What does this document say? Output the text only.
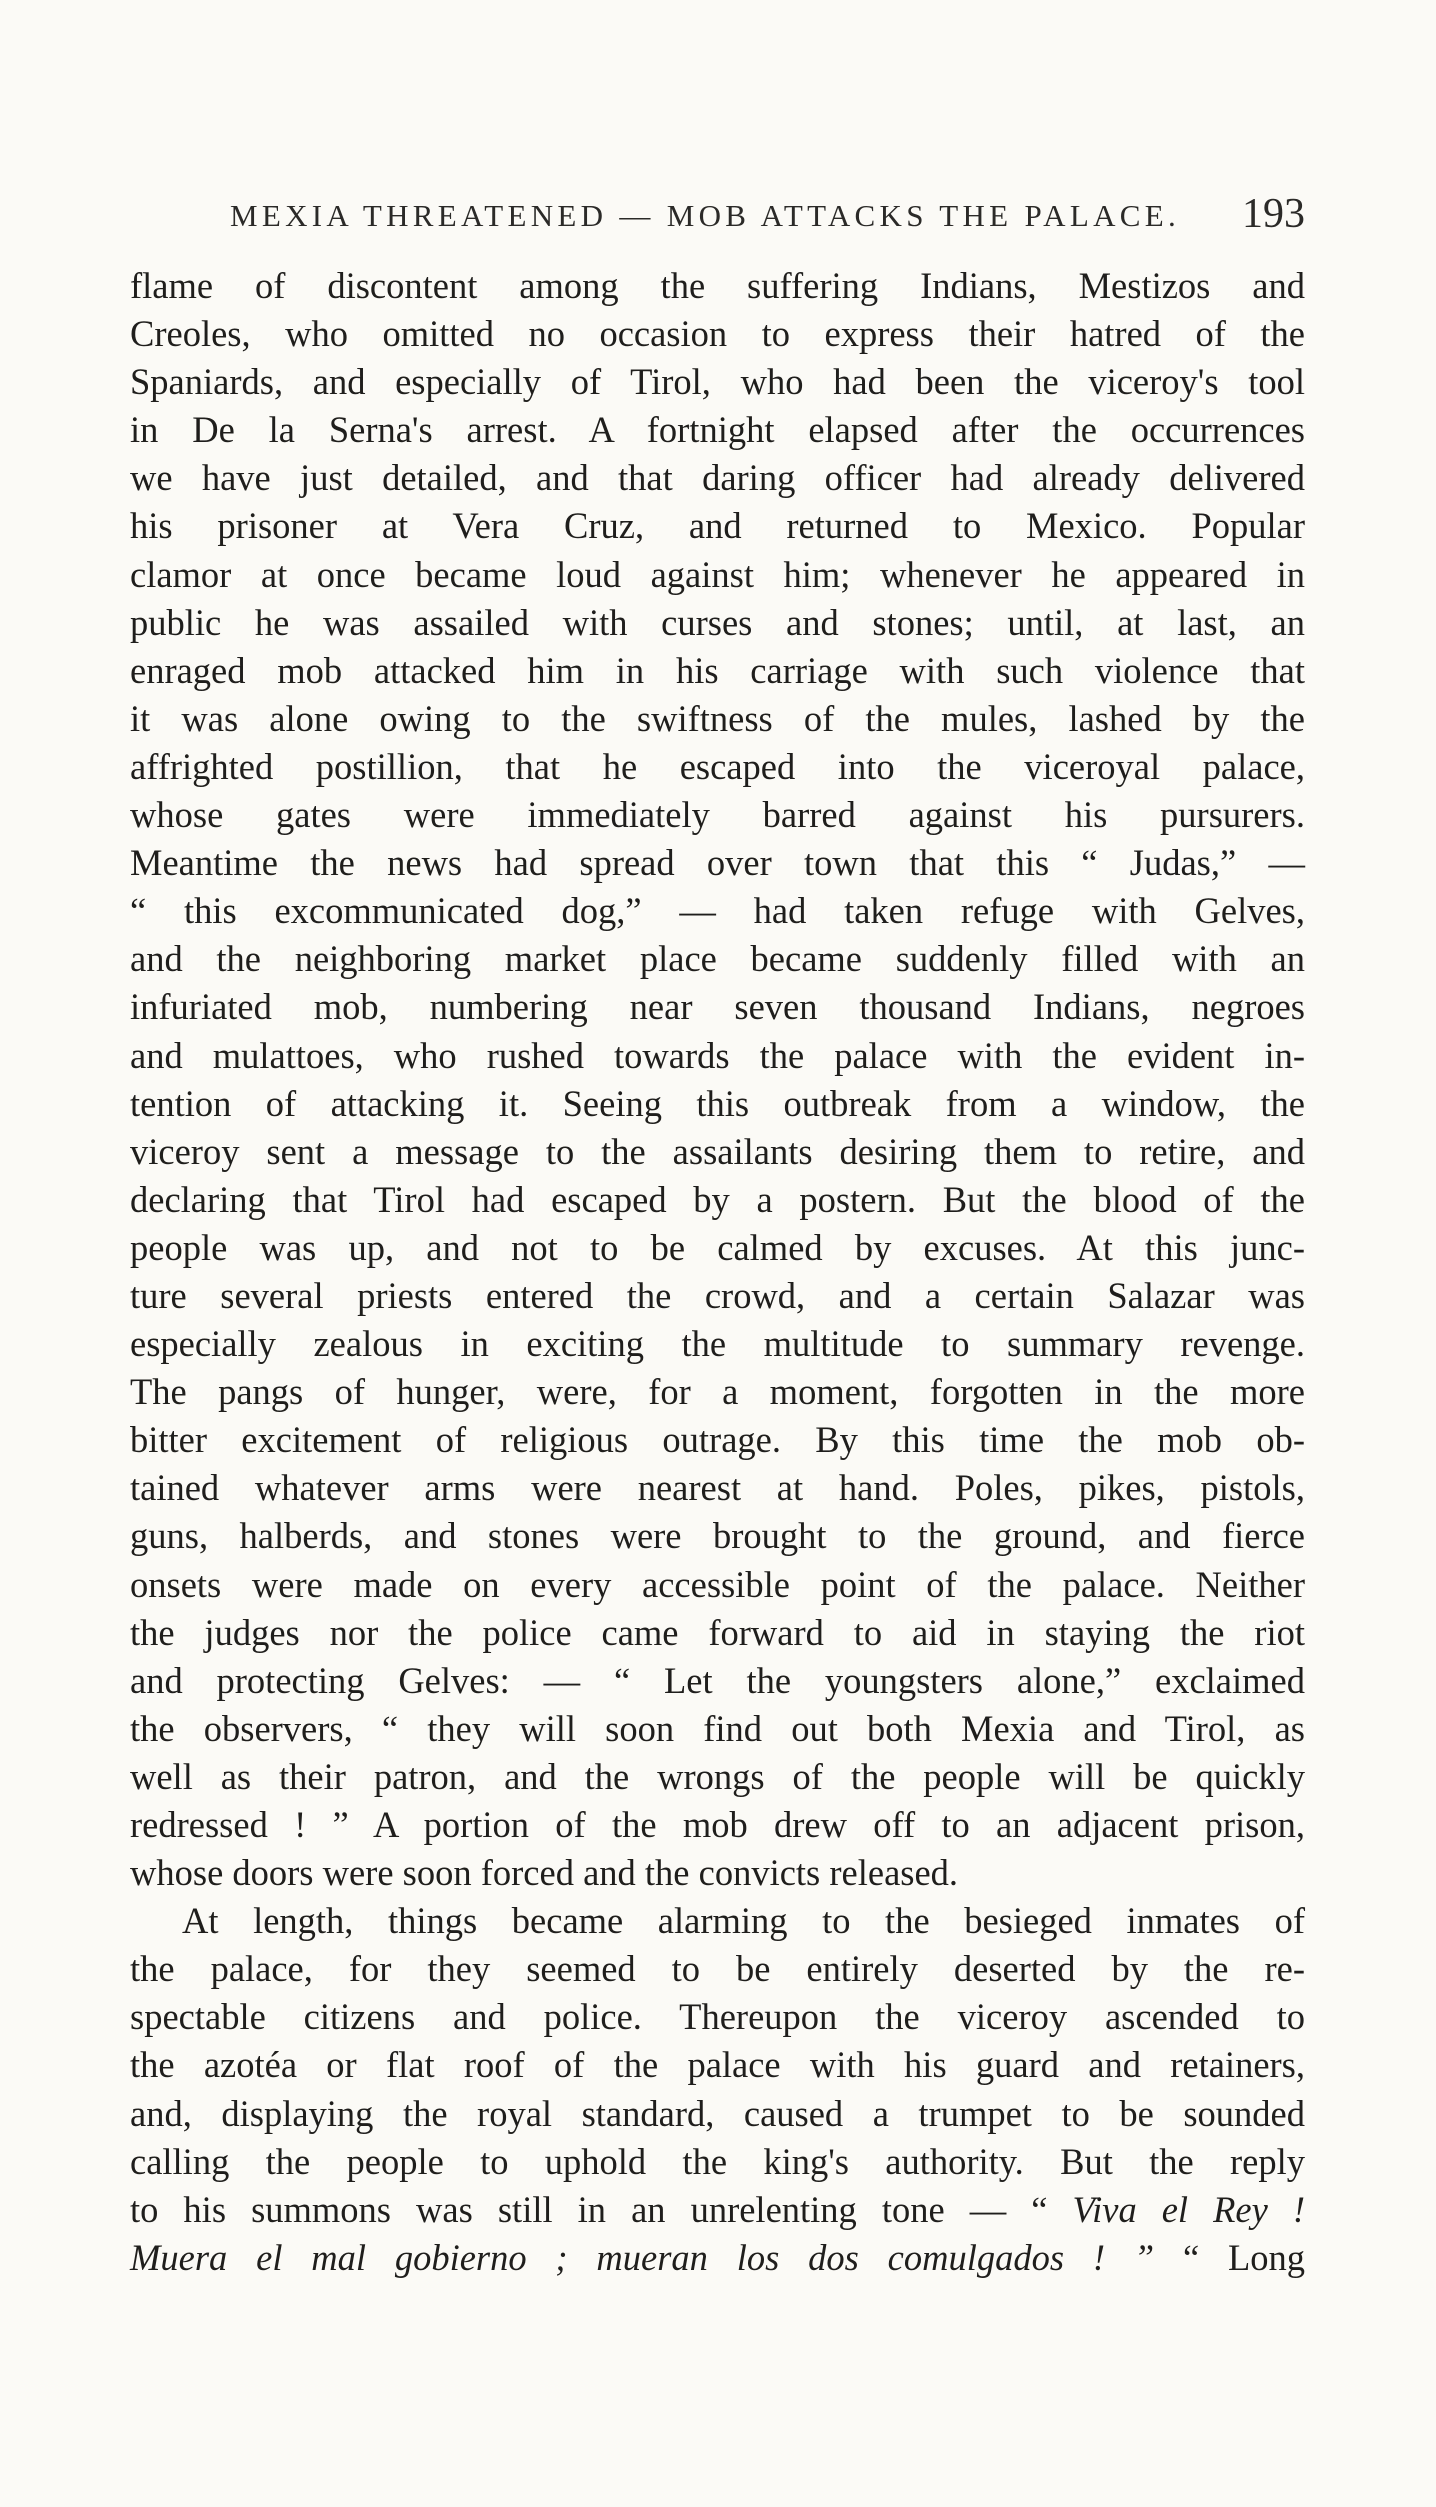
MEXIA THREATENED — MOB ATTACKS THE PALACE. 193
flame of discontent among the suffering Indians, Mestizos and
Creoles, who omitted no occasion to express their hatred of the
Spaniards, and especially of Tirol, who had been the viceroy's tool
in De la Serna's arrest. A fortnight elapsed after the occurrences
we have just detailed, and that daring officer had already delivered
his prisoner at Vera Cruz, and returned to Mexico. Popular
clamor at once became loud against him; whenever he appeared in
public he was assailed with curses and stones; until, at last, an
enraged mob attacked him in his carriage with such violence that
it was alone owing to the swiftness of the mules, lashed by the
affrighted postillion, that he escaped into the viceroyal palace,
whose gates were immediately barred against his pursurers.
Meantime the news had spread over town that this “ Judas,” —
“ this excommunicated dog,” — had taken refuge with Gelves,
and the neighboring market place became suddenly filled with an
infuriated mob, numbering near seven thousand Indians, negroes
and mulattoes, who rushed towards the palace with the evident in-
tention of attacking it. Seeing this outbreak from a window, the
viceroy sent a message to the assailants desiring them to retire, and
declaring that Tirol had escaped by a postern. But the blood of the
people was up, and not to be calmed by excuses. At this junc-
ture several priests entered the crowd, and a certain Salazar was
especially zealous in exciting the multitude to summary revenge.
The pangs of hunger, were, for a moment, forgotten in the more
bitter excitement of religious outrage. By this time the mob ob-
tained whatever arms were nearest at hand. Poles, pikes, pistols,
guns, halberds, and stones were brought to the ground, and fierce
onsets were made on every accessible point of the palace. Neither
the judges nor the police came forward to aid in staying the riot
and protecting Gelves: — “ Let the youngsters alone,” exclaimed
the observers, “ they will soon find out both Mexia and Tirol, as
well as their patron, and the wrongs of the people will be quickly
redressed ! ” A portion of the mob drew off to an adjacent prison,
whose doors were soon forced and the convicts released.
At length, things became alarming to the besieged inmates of
the palace, for they seemed to be entirely deserted by the re-
spectable citizens and police. Thereupon the viceroy ascended to
the azotéa or flat roof of the palace with his guard and retainers,
and, displaying the royal standard, caused a trumpet to be sounded
calling the people to uphold the king's authority. But the reply
to his summons was still in an unrelenting tone — “ Viva el Rey !
Muera el mal gobierno ; mueran los dos comulgados ! ” “ Long
